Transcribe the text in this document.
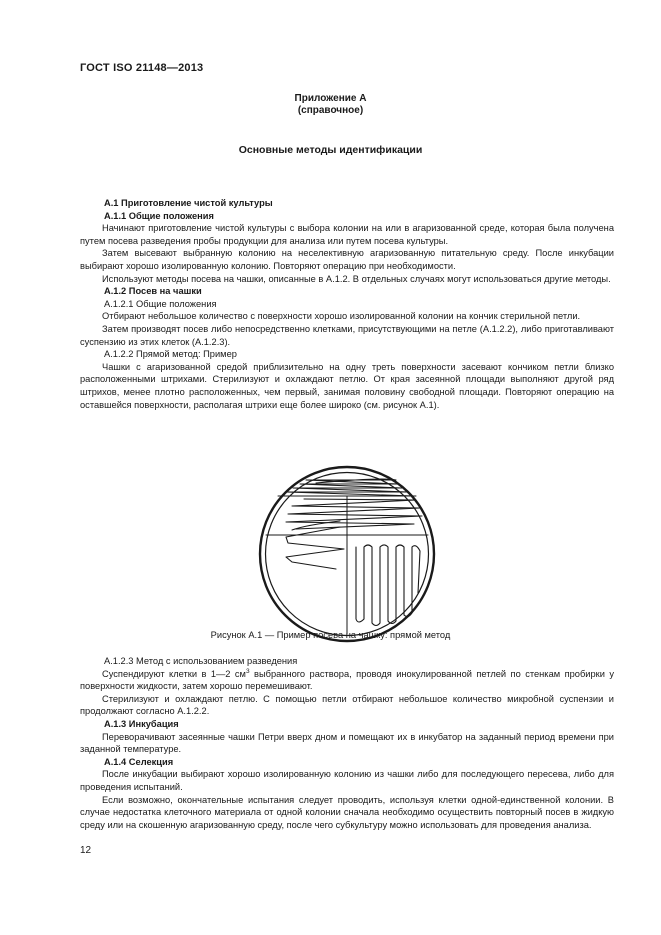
ГОСТ ISO 21148—2013
Приложение А
(справочное)
Основные методы идентификации

А.1 Приготовление чистой культуры

А.1.1 Общие положения

Начинают приготовление чистой культуры с выбора колонии на или в агаризованной среде, которая была получена путем посева разведения пробы продукции для анализа или путем посева культуры.

Затем высевают выбранную колонию на неселективную агаризованную питательную среду. После инкубации выбирают хорошо изолированную колонию. Повторяют операцию при необходимости.

Используют методы посева на чашки, описанные в А.1.2. В отдельных случаях могут использоваться другие методы.

А.1.2 Посев на чашки

А.1.2.1 Общие положения

Отбирают небольшое количество с поверхности хорошо изолированной колонии на кончик стерильной петли.

Затем производят посев либо непосредственно клетками, присутствующими на петле (А.1.2.2), либо приготавливают суспензию из этих клеток (А.1.2.3).

А.1.2.2 Прямой метод: Пример

Чашки с агаризованной средой приблизительно на одну треть поверхности засевают кончиком петли близко расположенными штрихами. Стерилизуют и охлаждают петлю. От края засеянной площади выполняют другой ряд штрихов, менее плотно расположенных, чем первый, занимая половину свободной площади. Повторяют операцию на оставшейся поверхности, располагая штрихи еще более широко (см. рисунок А.1).

Рисунок А.1 — Пример посева на чашку: прямой метод

А.1.2.3 Метод с использованием разведения

Суспендируют клетки в 1—2 $см^3$ выбранного раствора, проводя инокулированной петлей по стенкам пробирки у поверхности жидкости, затем хорошо перемешивают.

Стерилизуют и охлаждают петлю. С помощью петли отбирают небольшое количество микробной суспензии и продолжают согласно А.1.2.2.

А.1.3 Инкубация

Переворачивают засеянные чашки Петри вверх дном и помещают их в инкубатор на заданный период времени при заданной температуре.

А.1.4 Селекция

После инкубации выбирают хорошо изолированную колонию из чашки либо для последующего пересева, либо для проведения испытаний.

Если возможно, окончательные испытания следует проводить, используя клетки одной-единственной колонии. В случае недостатка клеточного материала от одной колонии сначала необходимо осуществить повторный посев в жидкую среду или на скошенную агаризованную среду, после чего субкультуру можно использовать для проведения анализа.

12
